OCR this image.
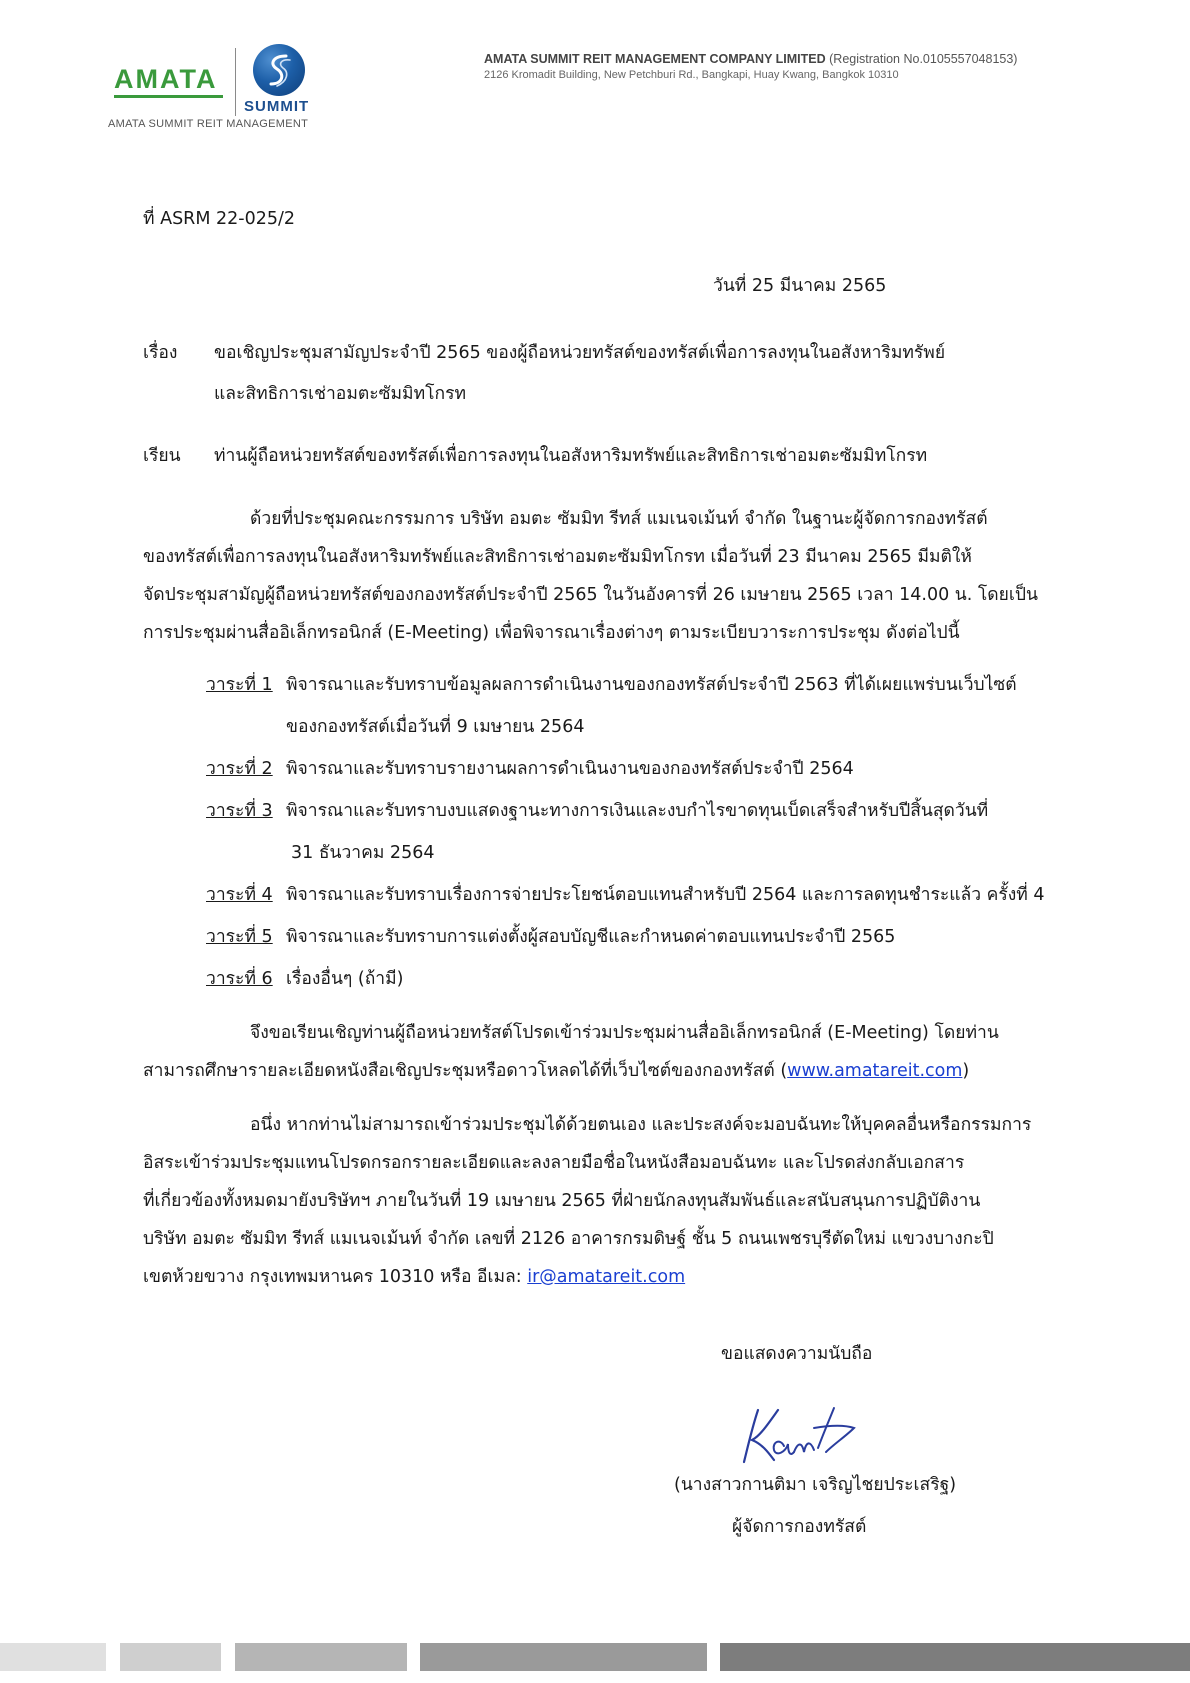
AMATA
SUMMIT
AMATA SUMMIT REIT MANAGEMENT
AMATA SUMMIT REIT MANAGEMENT COMPANY LIMITED (Registration No.0105557048153)
2126 Kromadit Building, New Petchburi Rd., Bangkapi, Huay Kwang, Bangkok 10310
ที่ ASRM 22-025/2
วันที่ 25 มีนาคม 2565
เรื่อง ขอเชิญประชุมสามัญประจำปี 2565 ของผู้ถือหน่วยทรัสต์ของทรัสต์เพื่อการลงทุนในอสังหาริมทรัพย์
และสิทธิการเช่าอมตะซัมมิทโกรท
เรียน ท่านผู้ถือหน่วยทรัสต์ของทรัสต์เพื่อการลงทุนในอสังหาริมทรัพย์และสิทธิการเช่าอมตะซัมมิทโกรท
ด้วยที่ประชุมคณะกรรมการ บริษัท อมตะ ซัมมิท รีทส์ แมเนจเม้นท์ จำกัด ในฐานะผู้จัดการกองทรัสต์
ของทรัสต์เพื่อการลงทุนในอสังหาริมทรัพย์และสิทธิการเช่าอมตะซัมมิทโกรท เมื่อวันที่ 23 มีนาคม 2565 มีมติให้
จัดประชุมสามัญผู้ถือหน่วยทรัสต์ของกองทรัสต์ประจำปี 2565 ในวันอังคารที่ 26 เมษายน 2565 เวลา 14.00 น. โดยเป็น
การประชุมผ่านสื่ออิเล็กทรอนิกส์ (E-Meeting) เพื่อพิจารณาเรื่องต่างๆ ตามระเบียบวาระการประชุม ดังต่อไปนี้
วาระที่ 1 พิจารณาและรับทราบข้อมูลผลการดำเนินงานของกองทรัสต์ประจำปี 2563 ที่ได้เผยแพร่บนเว็บไซต์
ของกองทรัสต์เมื่อวันที่ 9 เมษายน 2564
วาระที่ 2 พิจารณาและรับทราบรายงานผลการดำเนินงานของกองทรัสต์ประจำปี 2564
วาระที่ 3 พิจารณาและรับทราบงบแสดงฐานะทางการเงินและงบกำไรขาดทุนเบ็ดเสร็จสำหรับปีสิ้นสุดวันที่
31 ธันวาคม 2564
วาระที่ 4 พิจารณาและรับทราบเรื่องการจ่ายประโยชน์ตอบแทนสำหรับปี 2564 และการลดทุนชำระแล้ว ครั้งที่ 4
วาระที่ 5 พิจารณาและรับทราบการแต่งตั้งผู้สอบบัญชีและกำหนดค่าตอบแทนประจำปี 2565
วาระที่ 6 เรื่องอื่นๆ (ถ้ามี)
จึงขอเรียนเชิญท่านผู้ถือหน่วยทรัสต์โปรดเข้าร่วมประชุมผ่านสื่ออิเล็กทรอนิกส์ (E-Meeting) โดยท่าน
สามารถศึกษารายละเอียดหนังสือเชิญประชุมหรือดาวโหลดได้ที่เว็บไซต์ของกองทรัสต์ (www.amatareit.com)
อนึ่ง หากท่านไม่สามารถเข้าร่วมประชุมได้ด้วยตนเอง และประสงค์จะมอบฉันทะให้บุคคลอื่นหรือกรรมการ
อิสระเข้าร่วมประชุมแทนโปรดกรอกรายละเอียดและลงลายมือชื่อในหนังสือมอบฉันทะ และโปรดส่งกลับเอกสาร
ที่เกี่ยวข้องทั้งหมดมายังบริษัทฯ ภายในวันที่ 19 เมษายน 2565 ที่ฝ่ายนักลงทุนสัมพันธ์และสนับสนุนการปฏิบัติงาน
บริษัท อมตะ ซัมมิท รีทส์ แมเนจเม้นท์ จำกัด เลขที่ 2126 อาคารกรมดิษฐ์ ชั้น 5 ถนนเพชรบุรีตัดใหม่ แขวงบางกะปิ
เขตห้วยขวาง กรุงเทพมหานคร 10310 หรือ อีเมล: ir@amatareit.com
ขอแสดงความนับถือ
(นางสาวกานติมา เจริญไชยประเสริฐ)
ผู้จัดการกองทรัสต์
